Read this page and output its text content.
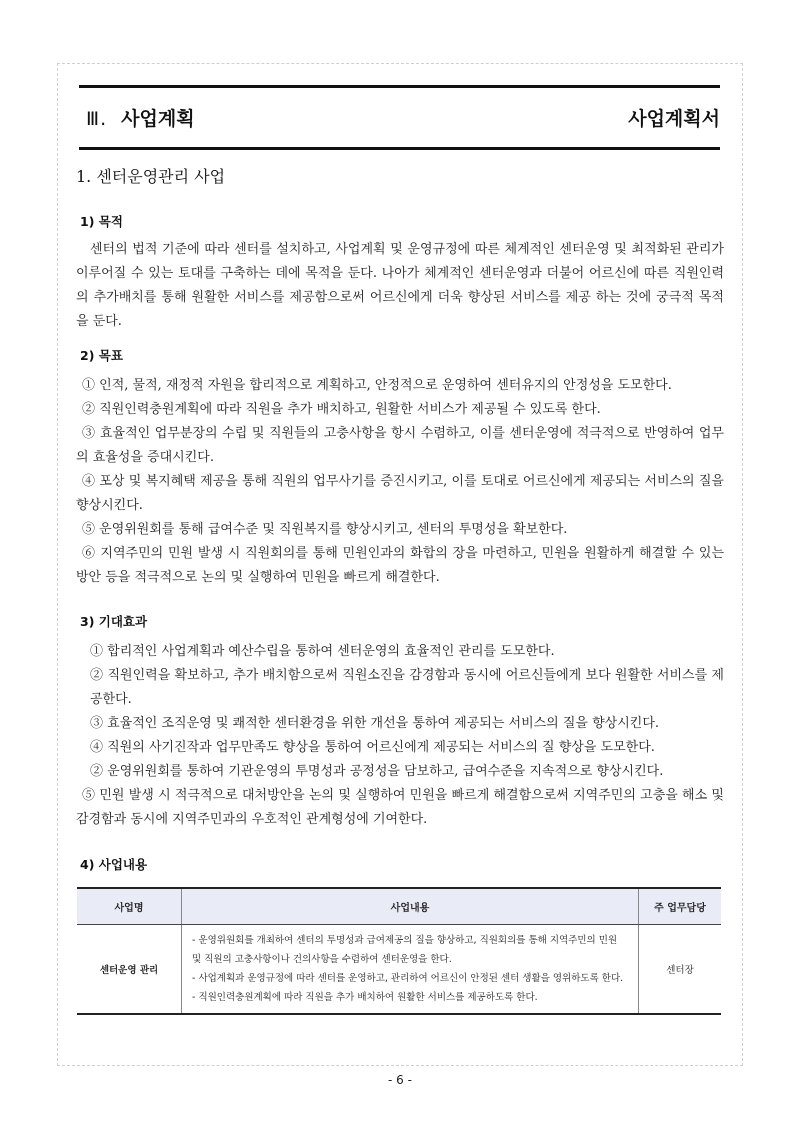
Ⅲ. 사업계획	사업계획서
1. 센터운영관리 사업
1) 목적

센터의 법적 기준에 따라 센터를 설치하고, 사업계획 및 운영규정에 따른 체계적인 센터운영 및 최적화된 관리가 이루어질 수 있는 토대를 구축하는 데에 목적을 둔다. 나아가 체계적인 센터운영과 더불어 어르신에 따른 직원인력의 추가배치를 통해 원활한 서비스를 제공함으로써 어르신에게 더욱 향상된 서비스를 제공 하는 것에 궁극적 목적을 둔다.

2) 목표
① 인적, 물적, 재정적 자원을 합리적으로 계획하고, 안정적으로 운영하여 센터유지의 안정성을 도모한다.
② 직원인력충원계획에 따라 직원을 추가 배치하고, 원활한 서비스가 제공될 수 있도록 한다.
③ 효율적인 업무분장의 수립 및 직원들의 고충사항을 항시 수렴하고, 이를 센터운영에 적극적으로 반영하여 업무의 효율성을 증대시킨다.
④ 포상 및 복지혜택 제공을 통해 직원의 업무사기를 증진시키고, 이를 토대로 어르신에게 제공되는 서비스의 질을 향상시킨다.
⑤ 운영위원회를 통해 급여수준 및 직원복지를 향상시키고, 센터의 투명성을 확보한다.
⑥ 지역주민의 민원 발생 시 직원회의를 통해 민원인과의 화합의 장을 마련하고, 민원을 원활하게 해결할 수 있는 방안 등을 적극적으로 논의 및 실행하여 민원을 빠르게 해결한다.
3) 기대효과
① 합리적인 사업계획과 예산수립을 통하여 센터운영의 효율적인 관리를 도모한다.
② 직원인력을 확보하고, 추가 배치함으로써 직원소진을 감경함과 동시에 어르신들에게 보다 원활한 서비스를 제공한다.
③ 효율적인 조직운영 및 쾌적한 센터환경을 위한 개선을 통하여 제공되는 서비스의 질을 향상시킨다.
④ 직원의 사기진작과 업무만족도 향상을 통하여 어르신에게 제공되는 서비스의 질 향상을 도모한다.
② 운영위원회를 통하여 기관운영의 투명성과 공정성을 담보하고, 급여수준을 지속적으로 향상시킨다.
⑤ 민원 발생 시 적극적으로 대처방안을 논의 및 실행하여 민원을 빠르게 해결함으로써 지역주민의 고충을 해소 및 감경함과 동시에 지역주민과의 우호적인 관계형성에 기여한다.
4) 사업내용
사업명	사업내용	주 업무담당
센터운영 관리	- 운영위원회를 개최하여 센터의 투명성과 급여제공의 질을 향상하고, 직원회의를 통해 지역주민의 민원 및 직원의 고충사항이나 건의사항을 수렴하여 센터운영을 한다.

- 사업계획과 운영규정에 따라 센터를 운영하고, 관리하여 어르신이 안정된 센터 생활을 영위하도록 한다.

- 직원인력충원계획에 따라 직원을 추가 배치하여 원활한 서비스를 제공하도록 한다.	센터장
- 6 -
